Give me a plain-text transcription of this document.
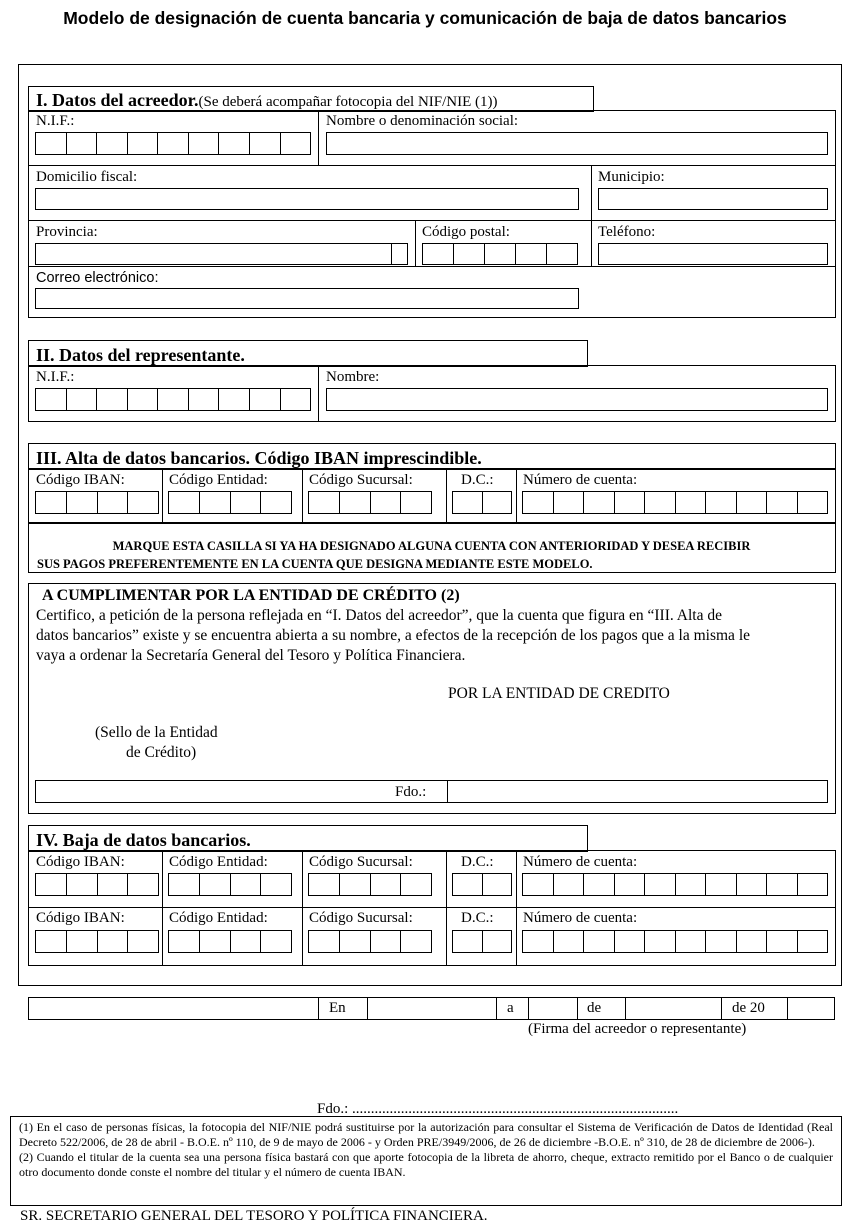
Modelo de designación de cuenta bancaria y comunicación de baja de datos bancarios
I. Datos del acreedor.(Se deberá acompañar fotocopia del NIF/NIE (1))
N.I.F.:	Nombre o denominación social:
Domicilio fiscal:	Municipio:
Provincia:	Código postal:	Teléfono:
Correo electrónico:
II. Datos del representante.
N.I.F.:	Nombre:
III. Alta de datos bancarios. Código IBAN imprescindible.
Código IBAN:	Código Entidad:	Código Sucursal:	D.C.: Número de cuenta:
MARQUE ESTA CASILLA SI YA HA DESIGNADO ALGUNA CUENTA CON ANTERIORIDAD Y DESEA RECIBIR
SUS PAGOS PREFERENTEMENTE EN LA CUENTA QUE DESIGNA MEDIANTE ESTE MODELO.
A CUMPLIMENTAR POR LA ENTIDAD DE CRÉDITO (2)
Certifico, a petición de la persona reflejada en “I. Datos del acreedor”, que la cuenta que figura en “III. Alta de
datos bancarios” existe y se encuentra abierta a su nombre, a efectos de la recepción de los pagos que a la misma le
vaya a ordenar la Secretaría General del Tesoro y Política Financiera.
POR LA ENTIDAD DE CREDITO
(Sello de la Entidad
de Crédito)
Fdo.:
IV. Baja de datos bancarios.
Código IBAN:	Código Entidad:	Código Sucursal:	D.C.: Número de cuenta:
Código IBAN:	Código Entidad:	Código Sucursal:	D.C.: Número de cuenta:
En	a	de	de 20
(Firma del acreedor o representante)
Fdo.: .......................................................................................
(1) En el caso de personas físicas, la fotocopia del NIF/NIE podrá sustituirse por la autorización para consultar el Sistema de Verificación de Datos de Identidad (Real Decreto 522/2006, de 28 de abril - B.O.E. nº 110, de 9 de mayo de 2006 - y Orden PRE/3949/2006, de 26 de diciembre -B.O.E. nº 310, de 28 de diciembre de 2006-).
(2) Cuando el titular de la cuenta sea una persona física bastará con que aporte fotocopia de la libreta de ahorro, cheque, extracto remitido por el Banco o de cualquier otro documento donde conste el nombre del titular y el número de cuenta IBAN.
SR. SECRETARIO GENERAL DEL TESORO Y POLÍTICA FINANCIERA.
